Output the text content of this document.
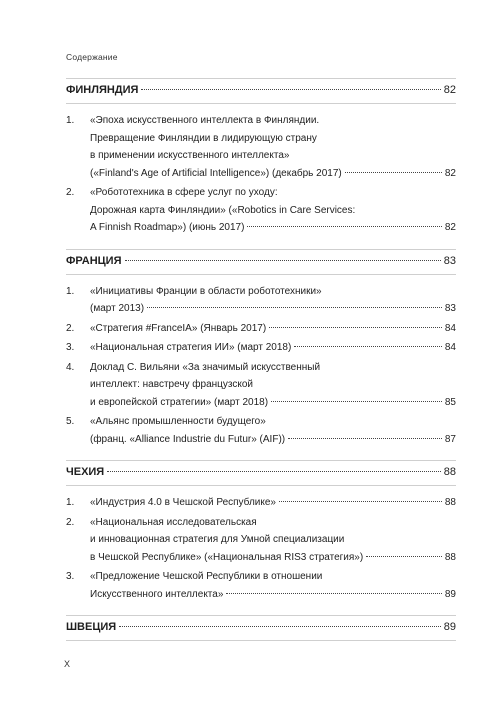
Содержание
ФИНЛЯНДИЯ	82
1.	«Эпоха искусственного интеллекта в Финляндии.
Превращение Финляндии в лидирующую страну
в применении искусственного интеллекта»
(«Finland's Age of Artificial Intelligence») (декабрь 2017)	82
2.	«Робототехника в сфере услуг по уходу:
Дорожная карта Финляндии» («Robotics in Care Services:
A Finnish Roadmap») (июнь 2017)	82
ФРАНЦИЯ	83
1.	«Инициативы Франции в области робототехники»
(март 2013)	83
2.	«Стратегия #FranceIA» (Январь 2017)	84
3.	«Национальная стратегия ИИ» (март 2018)	84
4.	Доклад С. Вильяни «За значимый искусственный
интеллект: навстречу французской
и европейской стратегии» (март 2018)	85
5.	«Альянс промышленности будущего»
(франц. «Alliance Industrie du Futur» (AIF))	87
ЧЕХИЯ	88
1.	«Индустрия 4.0 в Чешской Республике»	88
2.	«Национальная исследовательская
и инновационная стратегия для Умной специализации
в Чешской Республике» («Национальная RIS3 стратегия»)	88
3.	«Предложение Чешской Республики в отношении
Искусственного интеллекта»	89
ШВЕЦИЯ	89
X
